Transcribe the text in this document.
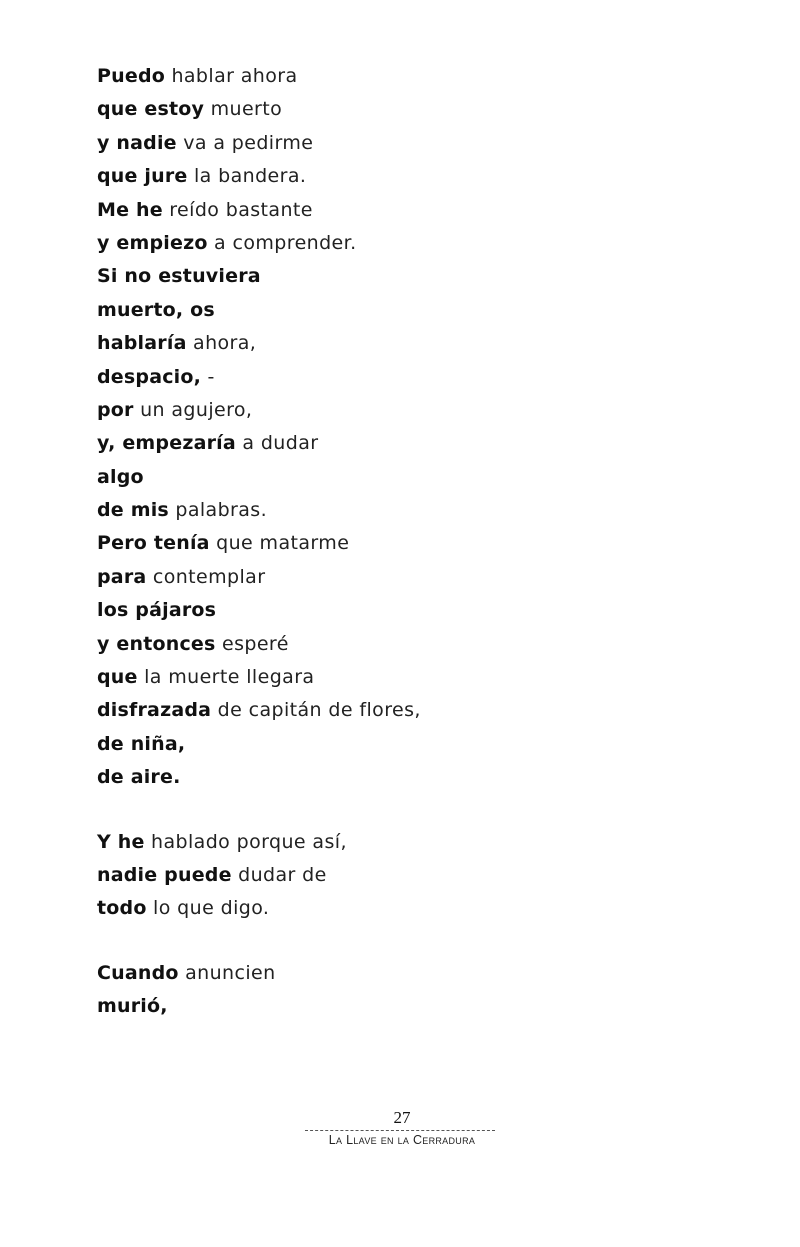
Puedo hablar ahora
que estoy muerto
y nadie va a pedirme
que jure la bandera.
Me he reído bastante
y empiezo a comprender.
Si no estuviera
muerto, os
hablaría ahora,
despacio, -
por un agujero,
y, empezaría a dudar
algo
de mis palabras.
Pero tenía que matarme
para contemplar
los pájaros
y entonces esperé
que la muerte llegara
disfrazada de capitán de flores,
de niña,
de aire.
Y he hablado porque así,
nadie puede dudar de
todo lo que digo.
Cuando anuncien
murió,
27
La Llave en la Cerradura
